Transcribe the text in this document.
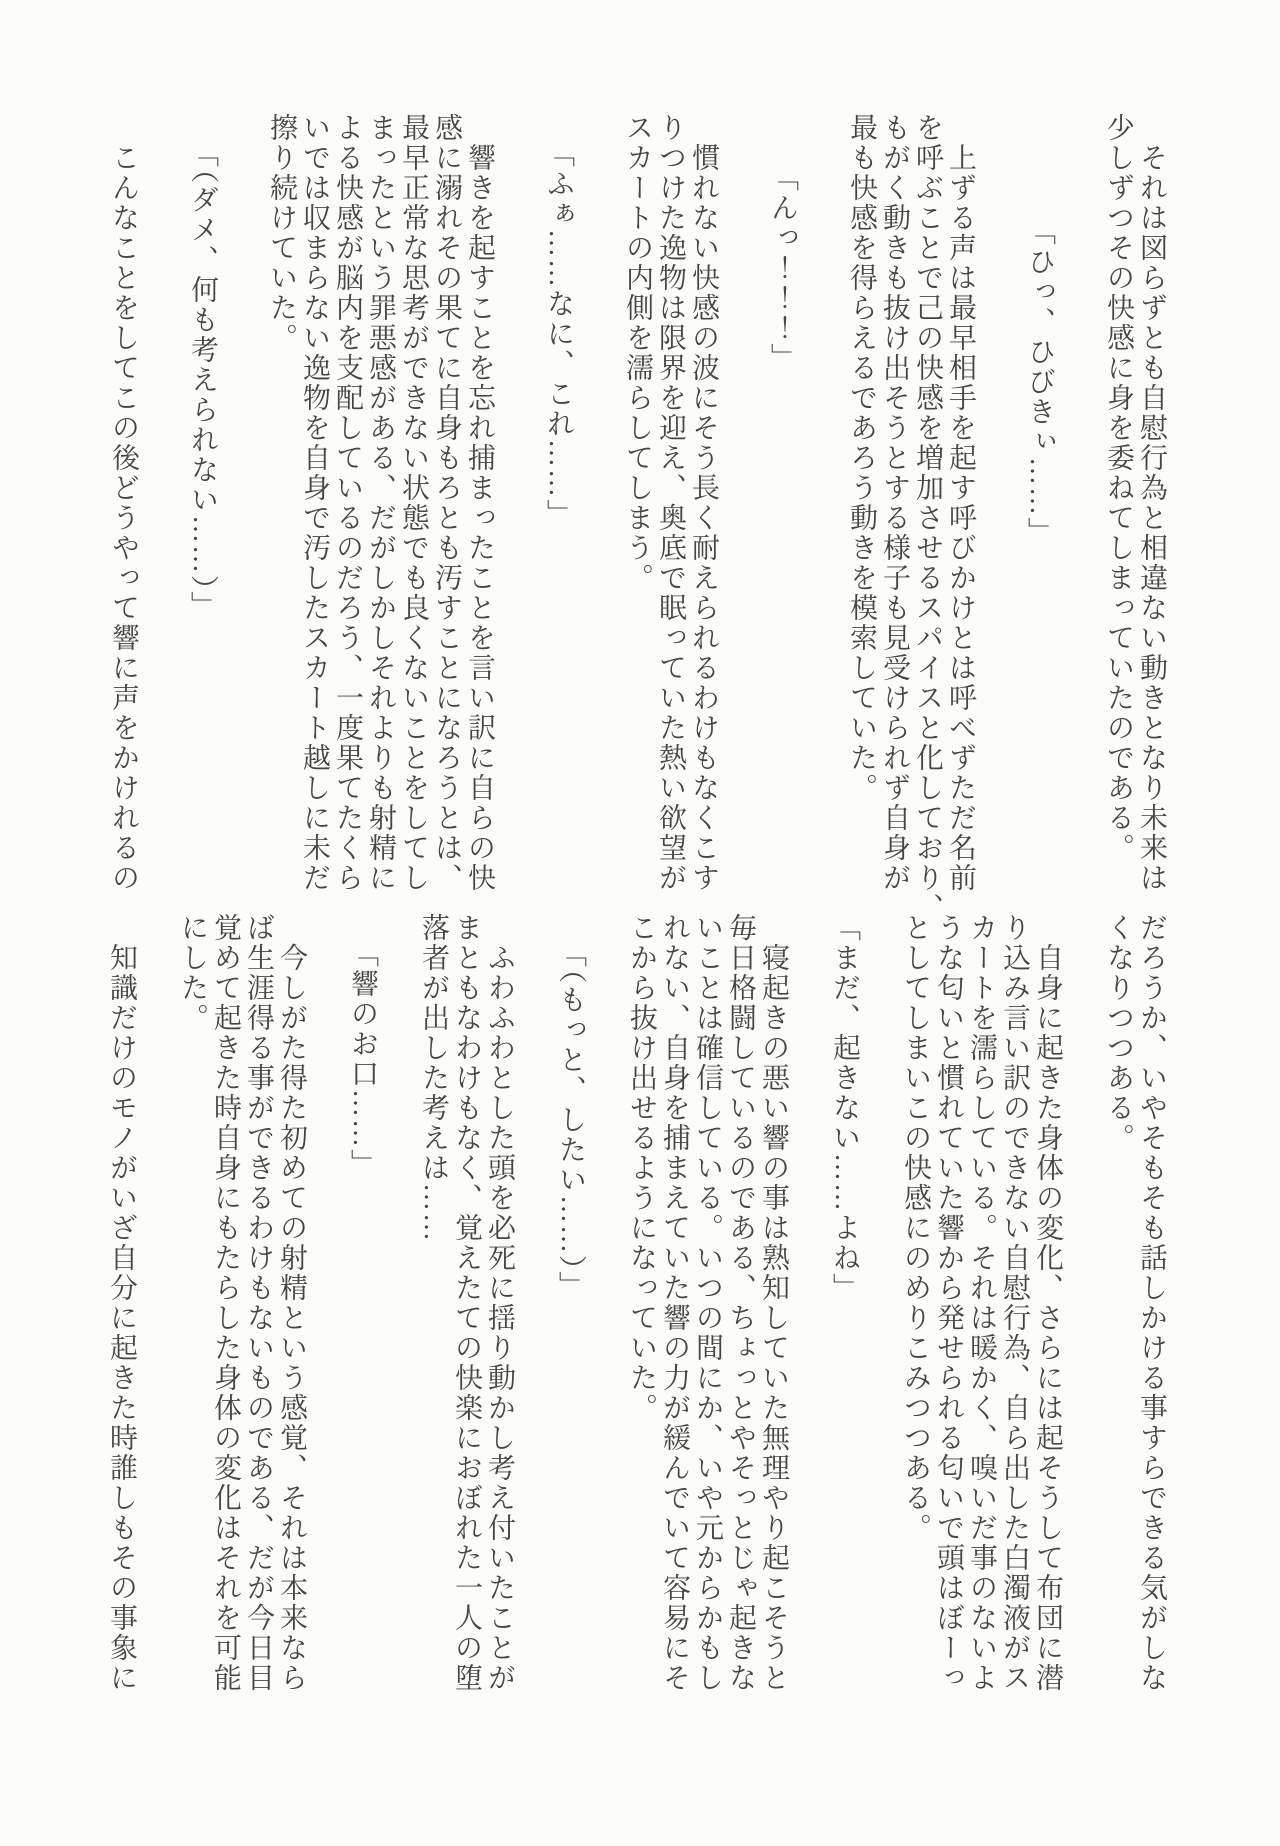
　それは図らずとも自慰行為と相違ない動きとなり未来は
少しずつその快感に身を委ねてしまっていたのである。
「ひっ、ひびきぃ……」
　上ずる声は最早相手を起す呼びかけとは呼べずただ名前
を呼ぶことで己の快感を増加させるスパイスと化しており、
もがく動きも抜け出そうとする様子も見受けられず自身が
最も快感を得らえるであろう動きを模索していた。
「んっ！！！」
　慣れない快感の波にそう長く耐えられるわけもなくこす
りつけた逸物は限界を迎え、奥底で眠っていた熱い欲望が
スカートの内側を濡らしてしまう。
「ふぁ……なに、これ……」
　響きを起すことを忘れ捕まったことを言い訳に自らの快
感に溺れその果てに自身もろとも汚すことになろうとは、
最早正常な思考ができない状態でも良くないことをしてし
まったという罪悪感がある、だがしかしそれよりも射精に
よる快感が脳内を支配しているのだろう、一度果てたくら
いでは収まらない逸物を自身で汚したスカート越しに未だ
擦り続けていた。
「（ダメ、何も考えられない……）」
　こんなことをしてこの後どうやって響に声をかけれるの
だろうか、いやそもそも話しかける事すらできる気がしな
くなりつつある。
　自身に起きた身体の変化、さらには起そうして布団に潜
り込み言い訳のできない自慰行為、自ら出した白濁液がス
カートを濡らしている。それは暖かく、嗅いだ事のないよ
うな匂いと慣れていた響から発せられる匂いで頭はぼーっ
としてしまいこの快感にのめりこみつつある。
「まだ、起きない……よね」
　寝起きの悪い響の事は熟知していた無理やり起こそうと
毎日格闘しているのである、ちょっとやそっとじゃ起きな
いことは確信している。いつの間にか、いや元からかもし
れない、自身を捕まえていた響の力が緩んでいて容易にそ
こから抜け出せるようになっていた。
「（もっと、したい……）」
　ふわふわとした頭を必死に揺り動かし考え付いたことが
まともなわけもなく、覚えたての快楽におぼれた一人の堕
落者が出した考えは……
「響のお口……」
　今しがた得た初めての射精という感覚、それは本来なら
ば生涯得る事ができるわけもないものである、だが今日目
覚めて起きた時自身にもたらした身体の変化はそれを可能
にした。
　知識だけのモノがいざ自分に起きた時誰しもその事象に
